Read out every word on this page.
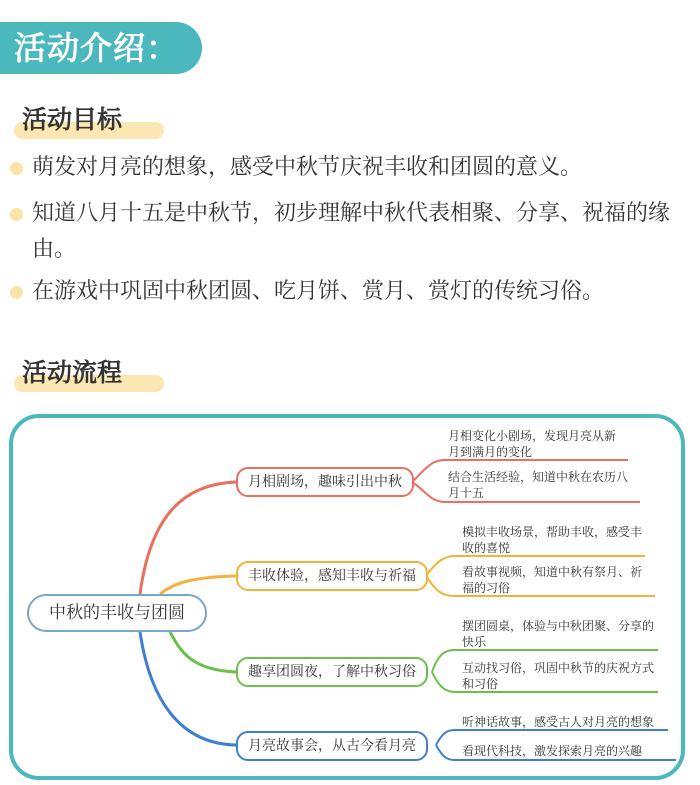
活动介绍：
活动目标
萌发对月亮的想象，感受中秋节庆祝丰收和团圆的意义。
知道八月十五是中秋节，初步理解中秋代表相聚、分享、祝福的缘由。
在游戏中巩固中秋团圆、吃月饼、赏月、赏灯的传统习俗。
活动流程
中秋的丰收与团圆
月相剧场，趣味引出中秋
丰收体验，感知丰收与祈福
趣享团圆夜，了解中秋习俗
月亮故事会，从古今看月亮
月相变化小剧场，发现月亮从新月到满月的变化
结合生活经验，知道中秋在农历八月十五
模拟丰收场景，帮助丰收，感受丰收的喜悦
看故事视频，知道中秋有祭月、祈福的习俗
摆团圆桌，体验与中秋团聚、分享的快乐
互动找习俗，巩固中秋节的庆祝方式和习俗
听神话故事，感受古人对月亮的想象
看现代科技，激发探索月亮的兴趣
